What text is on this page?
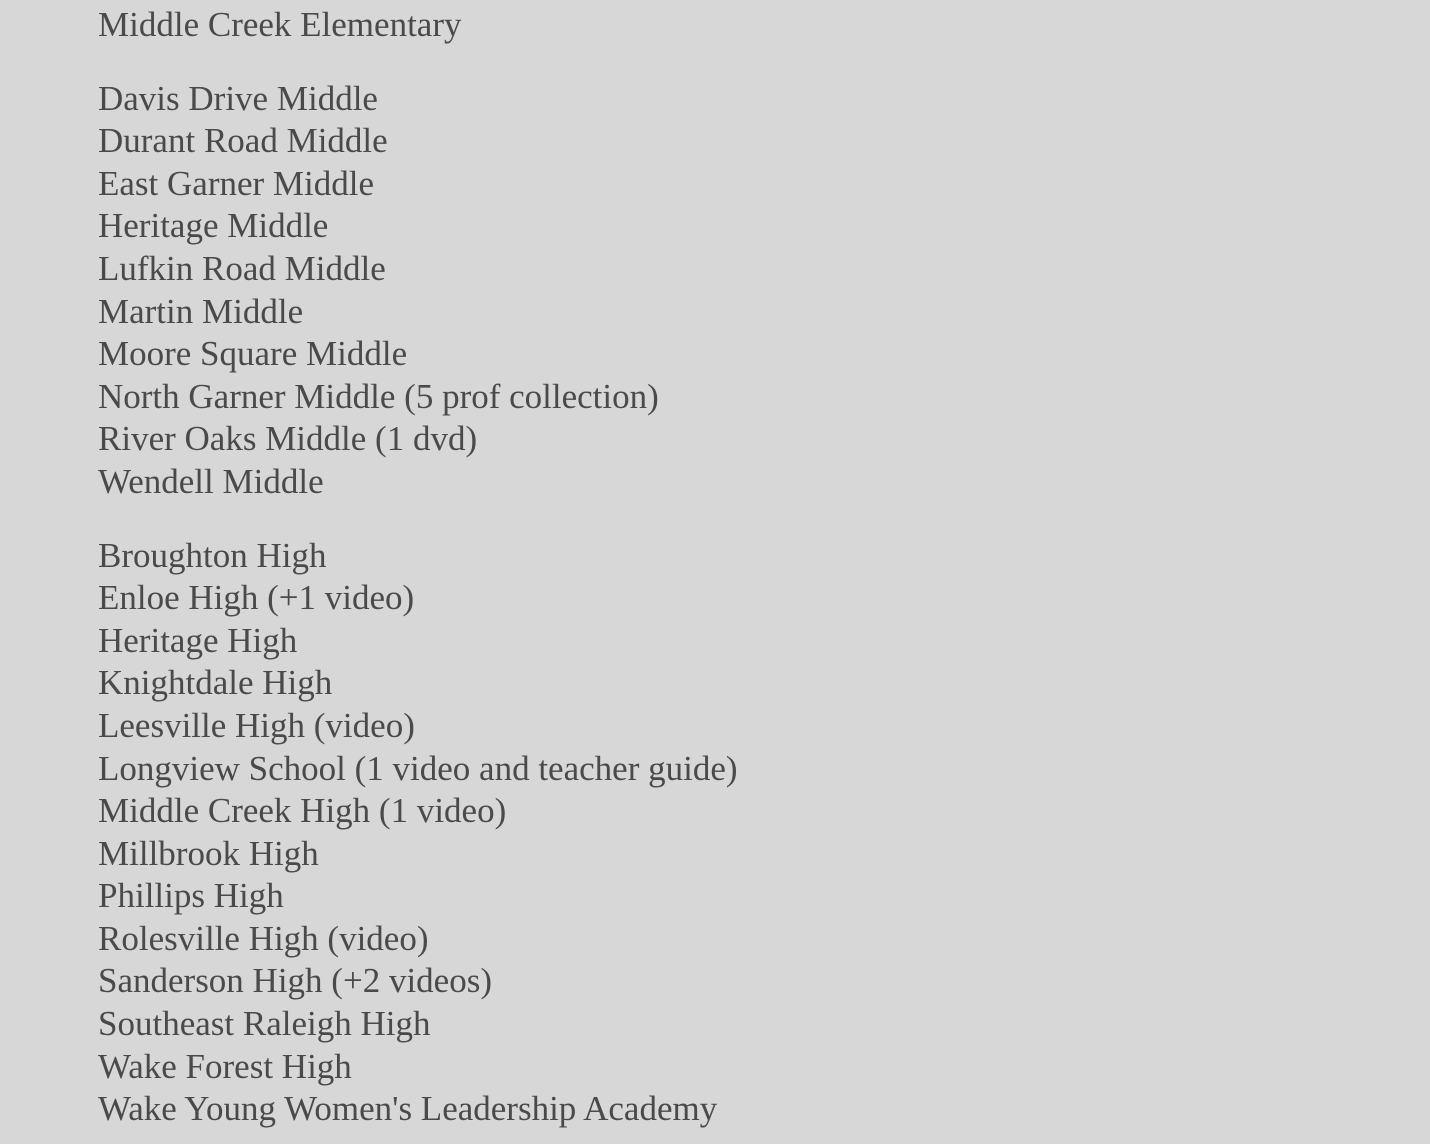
Middle Creek Elementary
Davis Drive Middle
Durant Road Middle
East Garner Middle
Heritage Middle
Lufkin Road Middle
Martin Middle
Moore Square Middle
North Garner Middle (5 prof collection)
River Oaks Middle (1 dvd)
Wendell Middle
Broughton High
Enloe High (+1 video)
Heritage High
Knightdale High
Leesville High (video)
Longview School (1 video and teacher guide)
Middle Creek High (1 video)
Millbrook High
Phillips High
Rolesville High (video)
Sanderson High (+2 videos)
Southeast Raleigh High
Wake Forest High
Wake Young Women's Leadership Academy
